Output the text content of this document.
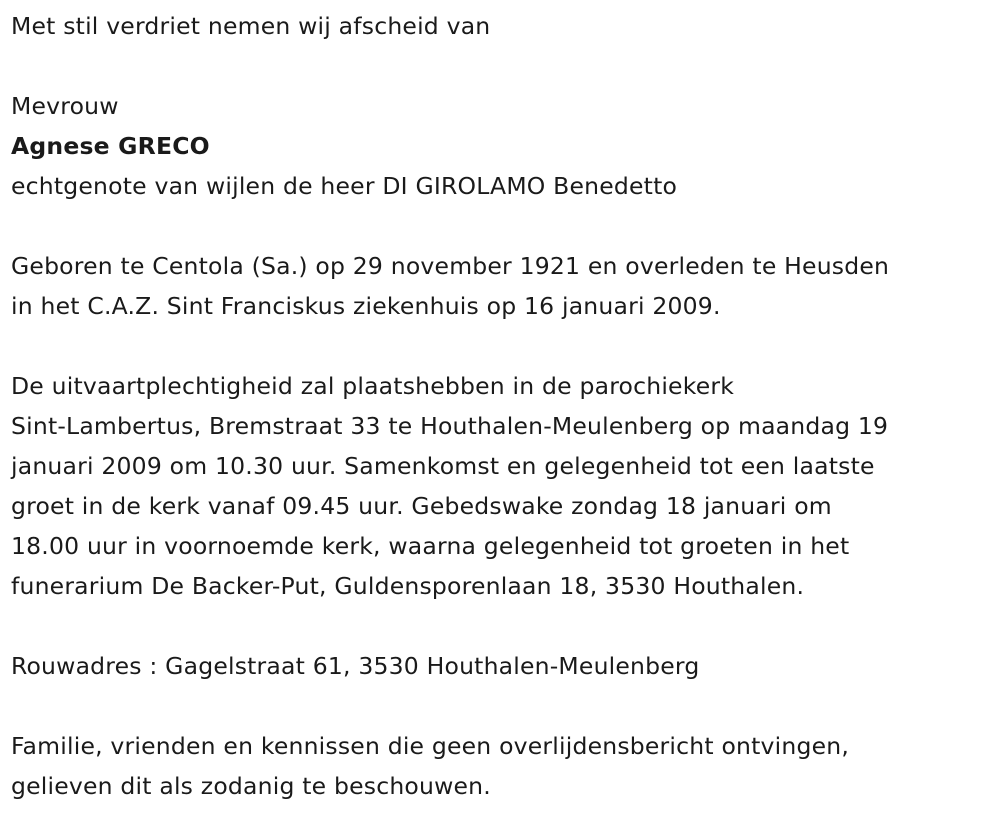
Met stil verdriet nemen wij afscheid van
Mevrouw
Agnese GRECO
echtgenote van wijlen de heer DI GIROLAMO Benedetto
Geboren te Centola (Sa.) op 29 november 1921 en overleden te Heusden
in het C.A.Z. Sint Franciskus ziekenhuis op 16 januari 2009.
De uitvaartplechtigheid zal plaatshebben in de parochiekerk
Sint-Lambertus, Bremstraat 33 te Houthalen-Meulenberg op maandag 19
januari 2009 om 10.30 uur. Samenkomst en gelegenheid tot een laatste
groet in de kerk vanaf 09.45 uur. Gebedswake zondag 18 januari om
18.00 uur in voornoemde kerk, waarna gelegenheid tot groeten in het
funerarium De Backer-Put, Guldensporenlaan 18, 3530 Houthalen.
Rouwadres : Gagelstraat 61, 3530 Houthalen-Meulenberg
Familie, vrienden en kennissen die geen overlijdensbericht ontvingen,
gelieven dit als zodanig te beschouwen.
